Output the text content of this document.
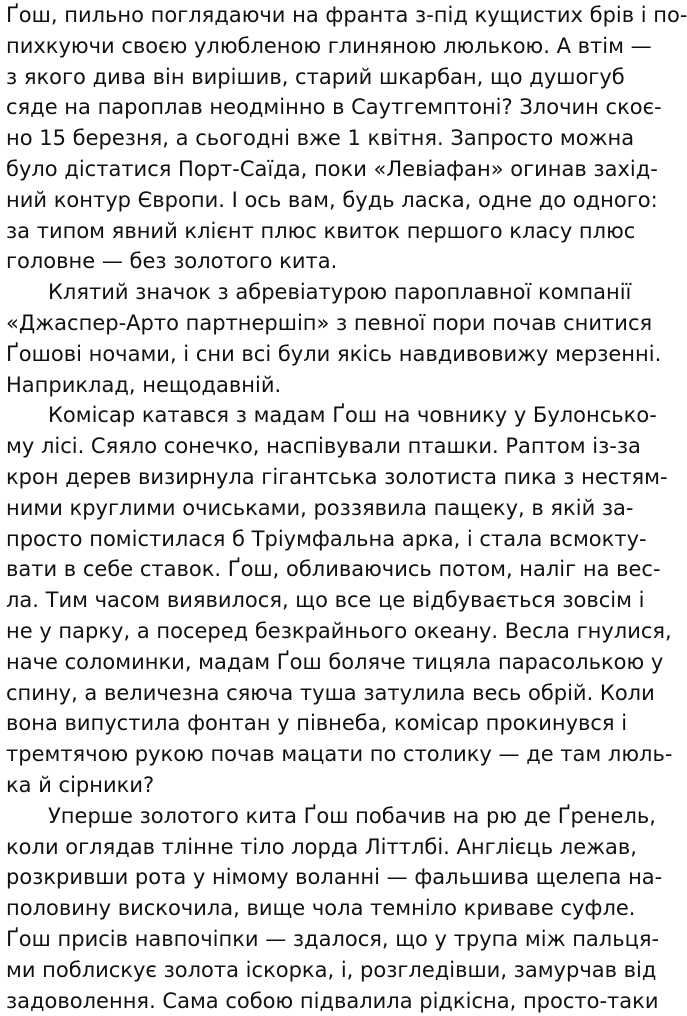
Ґош, пильно поглядаючи на франта з-під кущистих брів і по-
пихкуючи своєю улюбленою глиняною люлькою. А втім —
з якого дива він вирішив, старий шкарбан, що душогуб
сяде на пароплав неодмінно в Саутгемптоні? Злочин скоє-
но 15 березня, а сьогодні вже 1 квітня. Запросто можна
було дістатися Порт-Саїда, поки «Левіафан» огинав захід-
ний контур Європи. І ось вам, будь ласка, одне до одного:
за типом явний клієнт плюс квиток першого класу плюс
головне — без золотого кита.
Клятий значок з абревіатурою пароплавної компанії
«Джаспер-Арто партнершіп» з певної пори почав снитися
Ґошові ночами, і сни всі були якісь навдивовижу мерзенні.
Наприклад, нещодавній.
Комісар катався з мадам Ґош на човнику у Булонсько-
му лісі. Сяяло сонечко, наспівували пташки. Раптом із-за
крон дерев визирнула гігантська золотиста пика з нестям-
ними круглими очиськами, роззявила пащеку, в якій за-
просто помістилася б Тріумфальна арка, і стала всмокту-
вати в себе ставок. Ґош, обливаючись потом, наліг на вес-
ла. Тим часом виявилося, що все це відбувається зовсім і
не у парку, а посеред безкрайнього океану. Весла гнулися,
наче соломинки, мадам Ґош боляче тицяла парасолькою у
спину, а величезна сяюча туша затулила весь обрій. Коли
вона випустила фонтан у півнеба, комісар прокинувся і
тремтячою рукою почав мацати по столику — де там люль-
ка й сірники?
Уперше золотого кита Ґош побачив на рю де Ґренель,
коли оглядав тлінне тіло лорда Літтлбі. Англієць лежав,
розкривши рота у німому воланні — фальшива щелепа на-
половину вискочила, вище чола темніло криваве суфле.
Ґош присів навпочіпки — здалося, що у трупа між пальця-
ми поблискує золота іскорка, і, розгледівши, замурчав від
задоволення. Сама собою підвалила рідкісна, просто-таки
